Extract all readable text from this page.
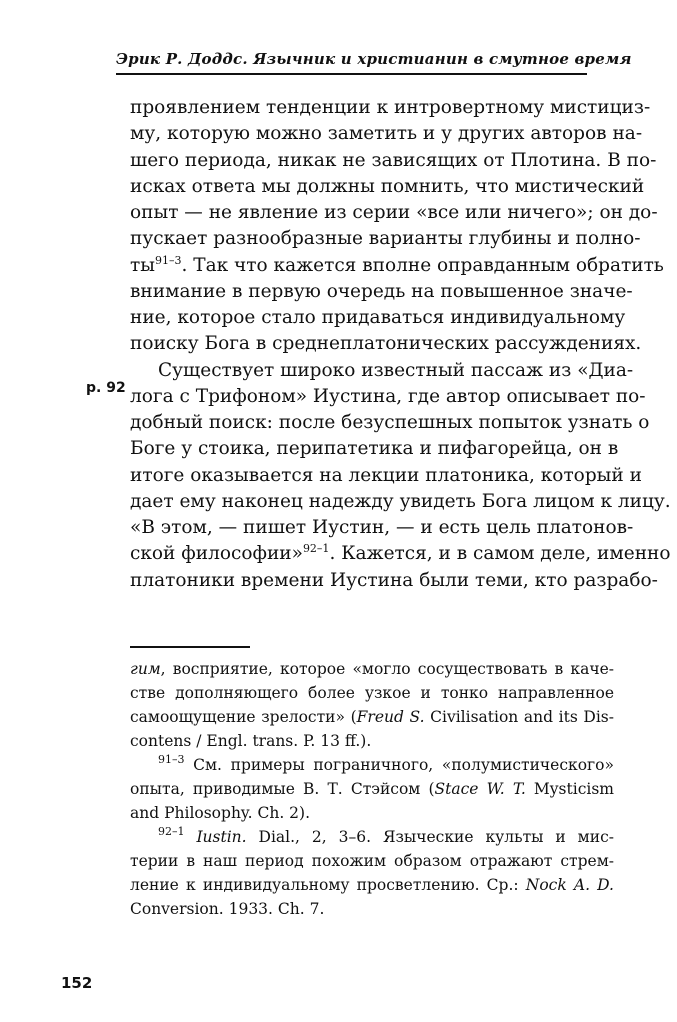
Эрик Р. Доддс. Язычник и христианин в смутное время
p. 92
проявлением тенденции к интровертному мистициз-
му, которую можно заметить и у других авторов на-
шего периода, никак не зависящих от Плотина. В по-
исках ответа мы должны помнить, что мистический
опыт — не явление из серии «все или ничего»; он до-
пускает разнообразные варианты глубины и полно-
$ты^{91-3}$. Так что кажется вполне оправданным обратить
внимание в первую очередь на повышенное значе-
ние, которое стало придаваться индивидуальному
поиску Бога в среднеплатонических рассуждениях.
Существует широко известный пассаж из «Диа-
лога с Трифоном» Иустина, где автор описывает по-
добный поиск: после безуспешных попыток узнать о
Боге у стоика, перипатетика и пифагорейца, он в
итоге оказывается на лекции платоника, который и
дает ему наконец надежду увидеть Бога лицом к лицу.
«В этом, — пишет Иустин, — и есть цель платонов-
ской философии»$^{92-1}$. Кажется, и в самом деле, именно
платоники времени Иустина были теми, кто разрабо-
гим, восприятие, которое «могло сосуществовать в каче-
стве дополняющего более узкое и тонко направленное
самоощущение зрелости» (Freud S. Civilisation and its Dis-
contens / Engl. trans. P. 13 ff.).
$^{91-3}$ См. примеры пограничного, «полумистического»
опыта, приводимые В. Т. Стэйсом (Stace W. T. Mysticism
and Philosophy. Ch. 2).
$^{92-1}$ Iustin. Dial., 2, 3–6. Языческие культы и мис-
терии в наш период похожим образом отражают стрем-
ление к индивидуальному просветлению. Ср.: Nock A. D.
Conversion. 1933. Ch. 7.
152
